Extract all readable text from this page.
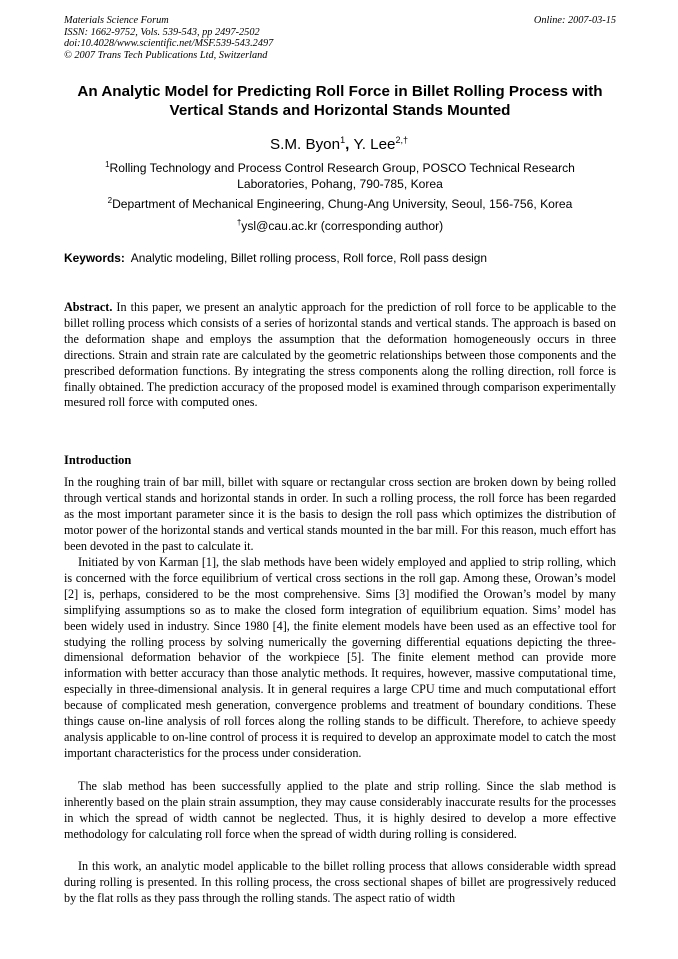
Materials Science Forum
ISSN: 1662-9752, Vols. 539-543, pp 2497-2502
doi:10.4028/www.scientific.net/MSF.539-543.2497
© 2007 Trans Tech Publications Ltd, Switzerland
Online: 2007-03-15
An Analytic Model for Predicting Roll Force in Billet Rolling Process with
Vertical Stands and Horizontal Stands Mounted
S.M. Byon$^1$, Y. Lee$^{2,\dagger}$
$^1$Rolling Technology and Process Control Research Group, POSCO Technical Research
Laboratories, Pohang, 790-785, Korea
$^2$Department of Mechanical Engineering, Chung-Ang University, Seoul, 156-756, Korea
†ysl@cau.ac.kr (corresponding author)
Keywords: Analytic modeling, Billet rolling process, Roll force, Roll pass design

Abstract. In this paper, we present an analytic approach for the prediction of roll force to be applicable to the billet rolling process which consists of a series of horizontal stands and vertical stands. The approach is based on the deformation shape and employs the assumption that the deformation homogeneously occurs in three directions. Strain and strain rate are calculated by the geometric relationships between those components and the prescribed deformation functions. By integrating the stress components along the rolling direction, roll force is finally obtained. The prediction accuracy of the proposed model is examined through comparison experimentally mesured roll force with computed ones.

Introduction

In the roughing train of bar mill, billet with square or rectangular cross section are broken down by being rolled through vertical stands and horizontal stands in order. In such a rolling process, the roll force has been regarded as the most important parameter since it is the basis to design the roll pass which optimizes the distribution of motor power of the horizontal stands and vertical stands mounted in the bar mill. For this reason, much effort has been devoted in the past to calculate it.

Initiated by von Karman [1], the slab methods have been widely employed and applied to strip rolling, which is concerned with the force equilibrium of vertical cross sections in the roll gap. Among these, Orowan’s model [2] is, perhaps, considered to be the most comprehensive. Sims [3] modified the Orowan’s model by many simplifying assumptions so as to make the closed form integration of equilibrium equation. Sims’ model has been widely used in industry. Since 1980 [4], the finite element models have been used as an effective tool for studying the rolling process by solving numerically the governing differential equations depicting the three-dimensional deformation behavior of the workpiece [5]. The finite element method can provide more information with better accuracy than those analytic methods. It requires, however, massive computational time, especially in three-dimensional analysis. It in general requires a large CPU time and much computational effort because of complicated mesh generation, convergence problems and treatment of boundary conditions. These things cause on-line analysis of roll forces along the rolling stands to be difficult. Therefore, to achieve speedy analysis applicable to on-line control of process it is required to develop an approximate model to catch the most important characteristics for the process under consideration.

The slab method has been successfully applied to the plate and strip rolling. Since the slab method is inherently based on the plain strain assumption, they may cause considerably inaccurate results for the processes in which the spread of width cannot be neglected. Thus, it is highly desired to develop a more effective methodology for calculating roll force when the spread of width during rolling is considered.

In this work, an analytic model applicable to the billet rolling process that allows considerable width spread during rolling is presented. In this rolling process, the cross sectional shapes of billet are progressively reduced by the flat rolls as they pass through the rolling stands. The aspect ratio of width
